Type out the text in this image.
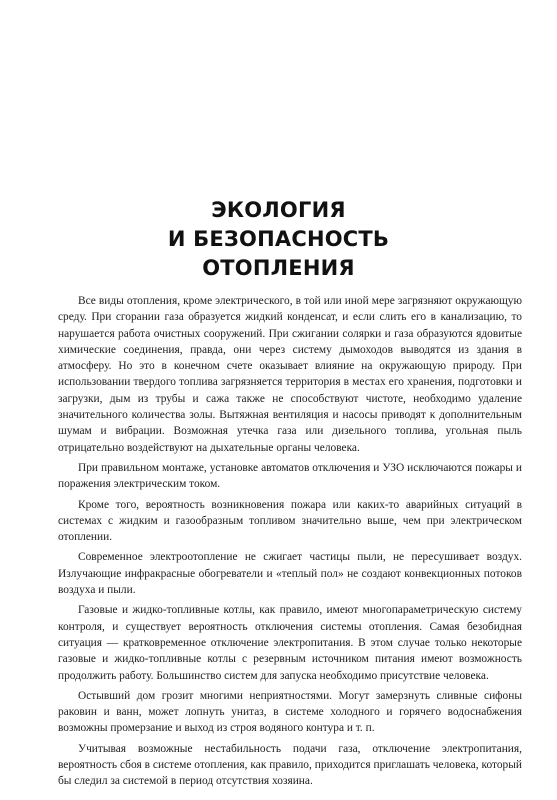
ЭКОЛОГИЯ
И БЕЗОПАСНОСТЬ
ОТОПЛЕНИЯ

Все виды отопления, кроме электрического, в той или иной мере загрязняют окружающую среду. При сгорании газа образуется жидкий конденсат, и если слить его в канализацию, то нарушается работа очистных сооружений. При сжигании солярки и газа образуются ядовитые химические соединения, правда, они через систему дымоходов выводятся из здания в атмосферу. Но это в конечном счете оказывает влияние на окружающую природу. При использовании твердого топлива загрязняется территория в местах его хранения, подготовки и загрузки, дым из трубы и сажа также не способствуют чистоте, необходимо удаление значительного количества золы. Вытяжная вентиляция и насосы приводят к дополнительным шумам и вибрации. Возможная утечка газа или дизельного топлива, угольная пыль отрицательно воздействуют на дыхательные органы человека.

При правильном монтаже, установке автоматов отключения и УЗО исключаются пожары и поражения электрическим током.

Кроме того, вероятность возникновения пожара или каких-то аварийных ситуаций в системах с жидким и газообразным топливом значительно выше, чем при электрическом отоплении.

Современное электроотопление не сжигает частицы пыли, не пересушивает воздух. Излучающие инфракрасные обогреватели и «теплый пол» не создают конвекционных потоков воздуха и пыли.

Газовые и жидко-топливные котлы, как правило, имеют многопараметрическую систему контроля, и существует вероятность отключения системы отопления. Самая безобидная ситуация — кратковременное отключение электропитания. В этом случае только некоторые газовые и жидко-топливные котлы с резервным источником питания имеют возможность продолжить работу. Большинство систем для запуска необходимо присутствие человека.

Остывший дом грозит многими неприятностями. Могут замерзнуть сливные сифоны раковин и ванн, может лопнуть унитаз, в системе холодного и горячего водоснабжения возможны промерзание и выход из строя водяного контура и т. п.

Учитывая возможные нестабильность подачи газа, отключение электропитания, вероятность сбоя в системе отопления, как правило, приходится приглашать человека, который бы следил за системой в период отсутствия хозяина.
